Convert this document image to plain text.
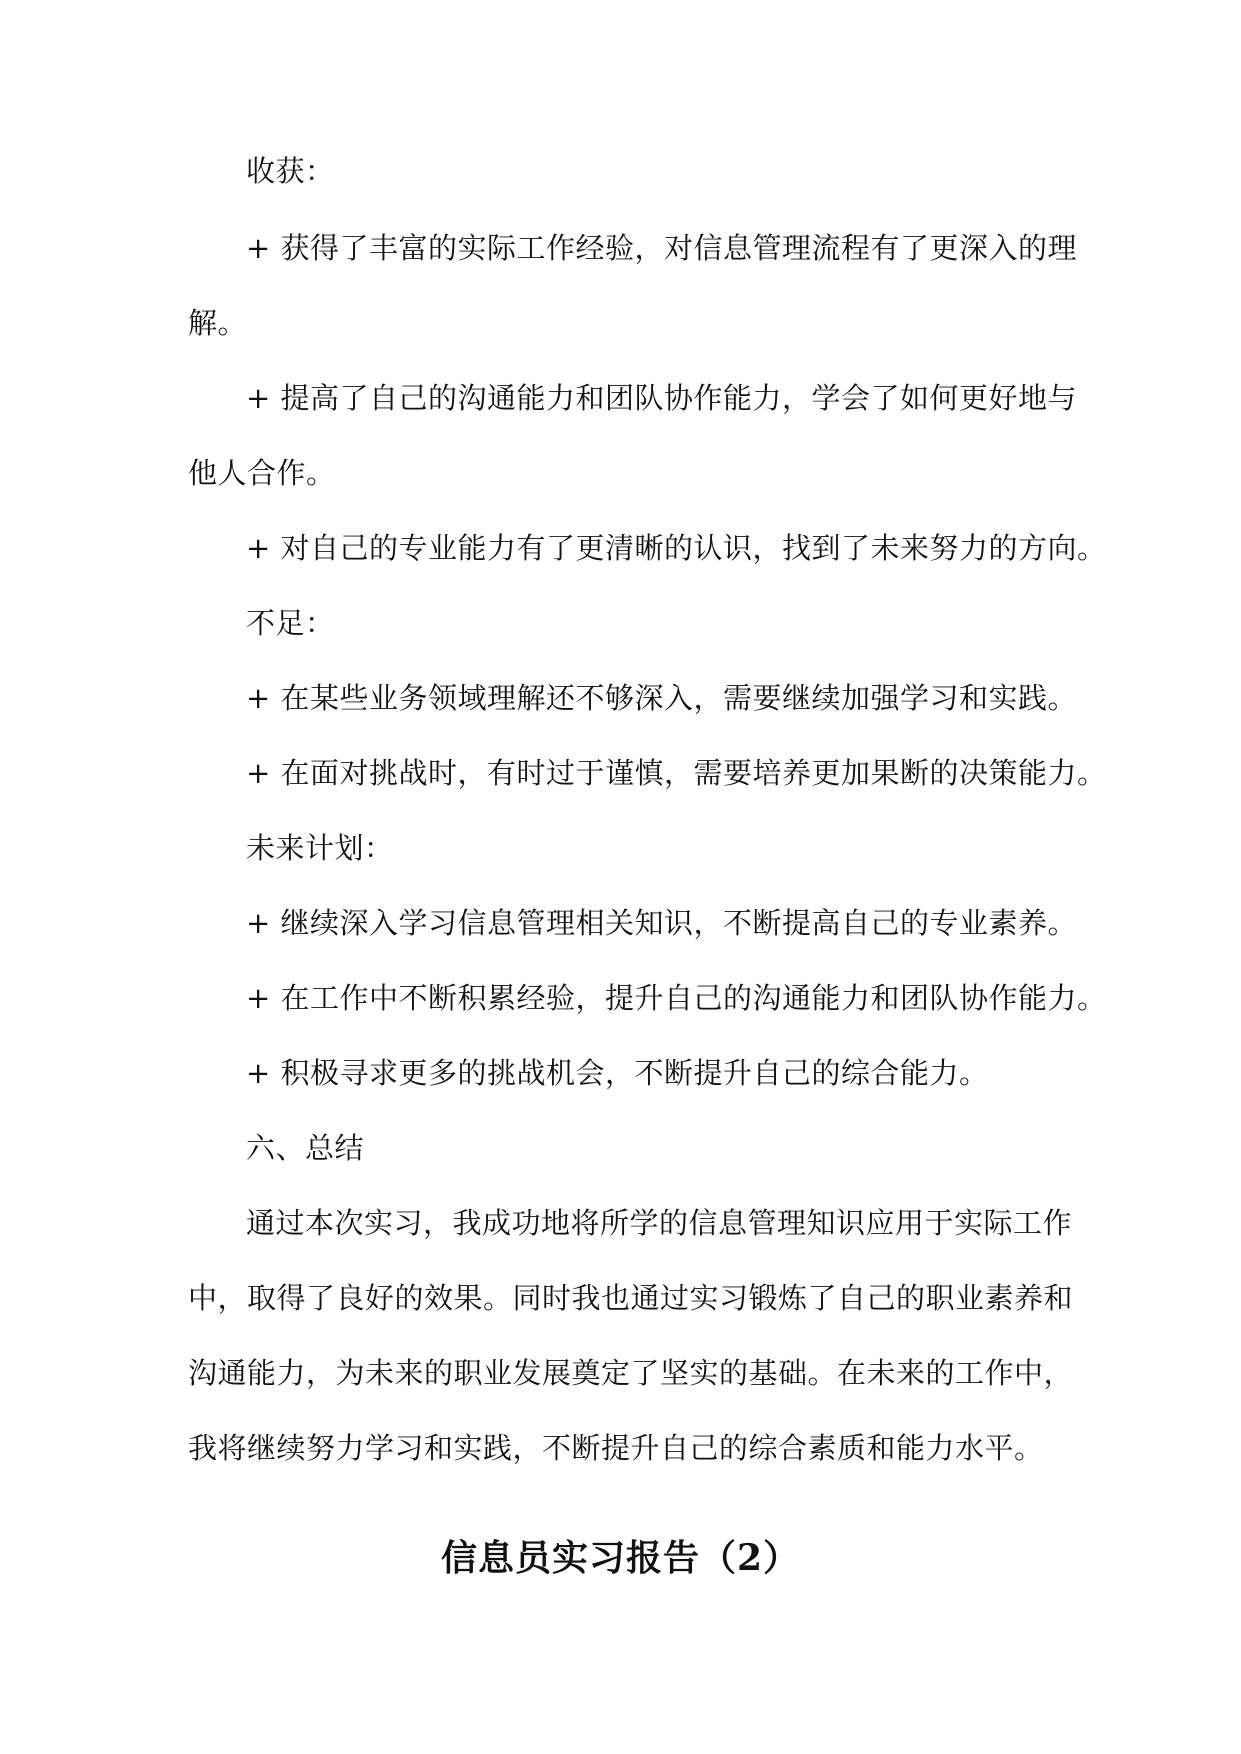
收获：
+ 获得了丰富的实际工作经验，对信息管理流程有了更深入的理
解。
+ 提高了自己的沟通能力和团队协作能力，学会了如何更好地与
他人合作。
+ 对自己的专业能力有了更清晰的认识，找到了未来努力的方向。
不足：
+ 在某些业务领域理解还不够深入，需要继续加强学习和实践。
+ 在面对挑战时，有时过于谨慎，需要培养更加果断的决策能力。
未来计划：
+ 继续深入学习信息管理相关知识，不断提高自己的专业素养。
+ 在工作中不断积累经验，提升自己的沟通能力和团队协作能力。
+ 积极寻求更多的挑战机会，不断提升自己的综合能力。
六、总结
通过本次实习，我成功地将所学的信息管理知识应用于实际工作
中，取得了良好的效果。同时我也通过实习锻炼了自己的职业素养和
沟通能力，为未来的职业发展奠定了坚实的基础。在未来的工作中，
我将继续努力学习和实践，不断提升自己的综合素质和能力水平。
信息员实习报告（2）
